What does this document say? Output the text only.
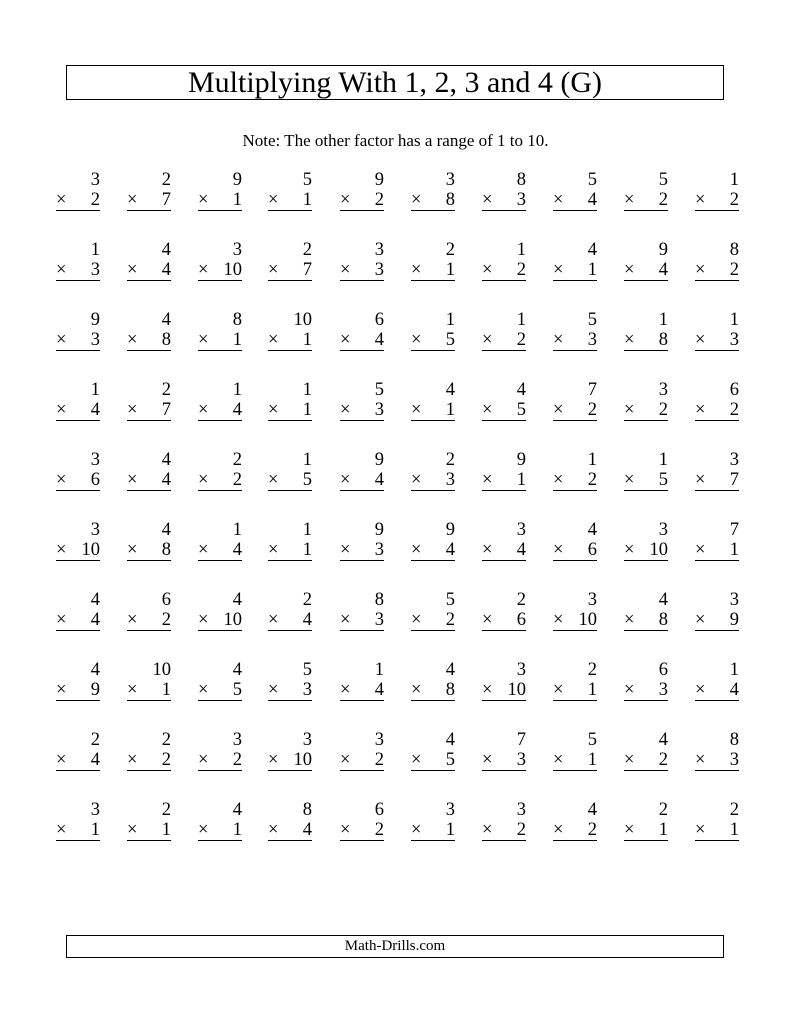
Multiplying With 1, 2, 3 and 4 (G)
Note: The other factor has a range of 1 to 10.
3
× 2
2
× 7
9
× 1
5
× 1
9
× 2
3
× 8
8
× 3
5
× 4
5
× 2
1
× 2
1
× 3
4
× 4
3
× 10
2
× 7
3
× 3
2
× 1
1
× 2
4
× 1
9
× 4
8
× 2
9
× 3
4
× 8
8
× 1
10
× 1
6
× 4
1
× 5
1
× 2
5
× 3
1
× 8
1
× 3
1
× 4
2
× 7
1
× 4
1
× 1
5
× 3
4
× 1
4
× 5
7
× 2
3
× 2
6
× 2
3
× 6
4
× 4
2
× 2
1
× 5
9
× 4
2
× 3
9
× 1
1
× 2
1
× 5
3
× 7
3
× 10
4
× 8
1
× 4
1
× 1
9
× 3
9
× 4
3
× 4
4
× 6
3
× 10
7
× 1
4
× 4
6
× 2
4
× 10
2
× 4
8
× 3
5
× 2
2
× 6
3
× 10
4
× 8
3
× 9
4
× 9
10
× 1
4
× 5
5
× 3
1
× 4
4
× 8
3
× 10
2
× 1
6
× 3
1
× 4
2
× 4
2
× 2
3
× 2
3
× 10
3
× 2
4
× 5
7
× 3
5
× 1
4
× 2
8
× 3
3
× 1
2
× 1
4
× 1
8
× 4
6
× 2
3
× 1
3
× 2
4
× 2
2
× 1
2
× 1
Math-Drills.com
